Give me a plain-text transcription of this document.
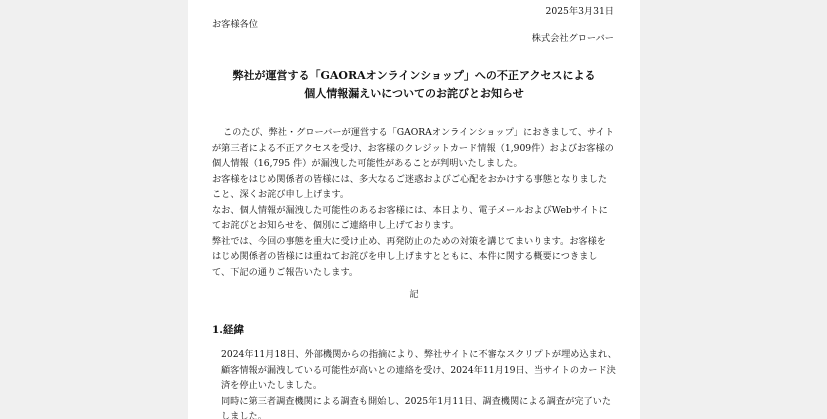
2025年3月31日
お客様各位
株式会社グローバー
弊社が運営する「GAORAオンラインショップ」への不正アクセスによる
個人情報漏えいについてのお詫びとお知らせ

このたび、弊社・グローバーが運営する「GAORAオンラインショップ」におきまして、サイト

が第三者による不正アクセスを受け、お客様のクレジットカード情報（1,909件）およびお客様の

個人情報（16,795 件）が漏洩した可能性があることが判明いたしました。

お客様をはじめ関係者の皆様には、多大なるご迷惑およびご心配をおかけする事態となりました

こと、深くお詫び申し上げます。

なお、個人情報が漏洩した可能性のあるお客様には、本日より、電子メールおよびWebサイトに

てお詫びとお知らせを、個別にご連絡申し上げております。

弊社では、今回の事態を重大に受け止め、再発防止のための対策を講じてまいります。お客様を

はじめ関係者の皆様には重ねてお詫びを申し上げますとともに、本件に関する概要につきまし

て、下記の通りご報告いたします。

記
1.経緯

2024年11月18日、外部機関からの指摘により、弊社サイトに不審なスクリプトが埋め込まれ、

顧客情報が漏洩している可能性が高いとの連絡を受け、2024年11月19日、当サイトのカード決

済を停止いたしました。

同時に第三者調査機関による調査も開始し、2025年1月11日、調査機関による調査が完了いた

しました。
